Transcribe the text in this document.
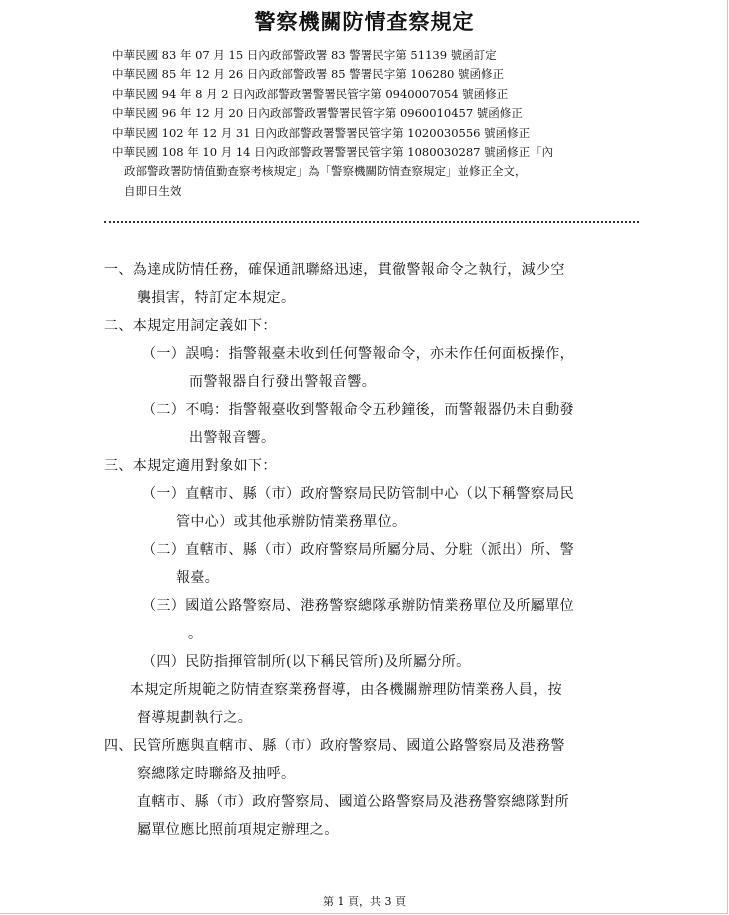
警察機關防情查察規定
中華民國 83 年 07 月 15 日內政部警政署 83 警署民字第 51139 號函訂定
中華民國 85 年 12 月 26 日內政部警政署 85 警署民字第 106280 號函修正
中華民國 94 年 8 月 2 日內政部警政署警署民管字第 0940007054 號函修正
中華民國 96 年 12 月 20 日內政部警政署警署民管字第 0960010457 號函修正
中華民國 102 年 12 月 31 日內政部警政署警署民管字第 1020030556 號函修正
中華民國 108 年 10 月 14 日內政部警政署警署民管字第 1080030287 號函修正「內
政部警政署防情值勤查察考核規定」為「警察機關防情查察規定」並修正全文，
自即日生效
一、為達成防情任務，確保通訊聯絡迅速，貫徹警報命令之執行，減少空
襲損害，特訂定本規定。
二、本規定用詞定義如下：
（一）誤鳴：指警報臺未收到任何警報命令，亦未作任何面板操作，
而警報器自行發出警報音響。
（二）不鳴：指警報臺收到警報命令五秒鐘後，而警報器仍未自動發
出警報音響。
三、本規定適用對象如下：
（一）直轄市、縣（市）政府警察局民防管制中心（以下稱警察局民
管中心）或其他承辦防情業務單位。
（二）直轄市、縣（市）政府警察局所屬分局、分駐（派出）所、警
報臺。
（三）國道公路警察局、港務警察總隊承辦防情業務單位及所屬單位
。
（四）民防指揮管制所(以下稱民管所)及所屬分所。
本規定所規範之防情查察業務督導，由各機關辦理防情業務人員，按
督導規劃執行之。
四、民管所應與直轄市、縣（市）政府警察局、國道公路警察局及港務警
察總隊定時聯絡及抽呼。
直轄市、縣（市）政府警察局、國道公路警察局及港務警察總隊對所
屬單位應比照前項規定辦理之。
第 1 頁，共 3 頁
